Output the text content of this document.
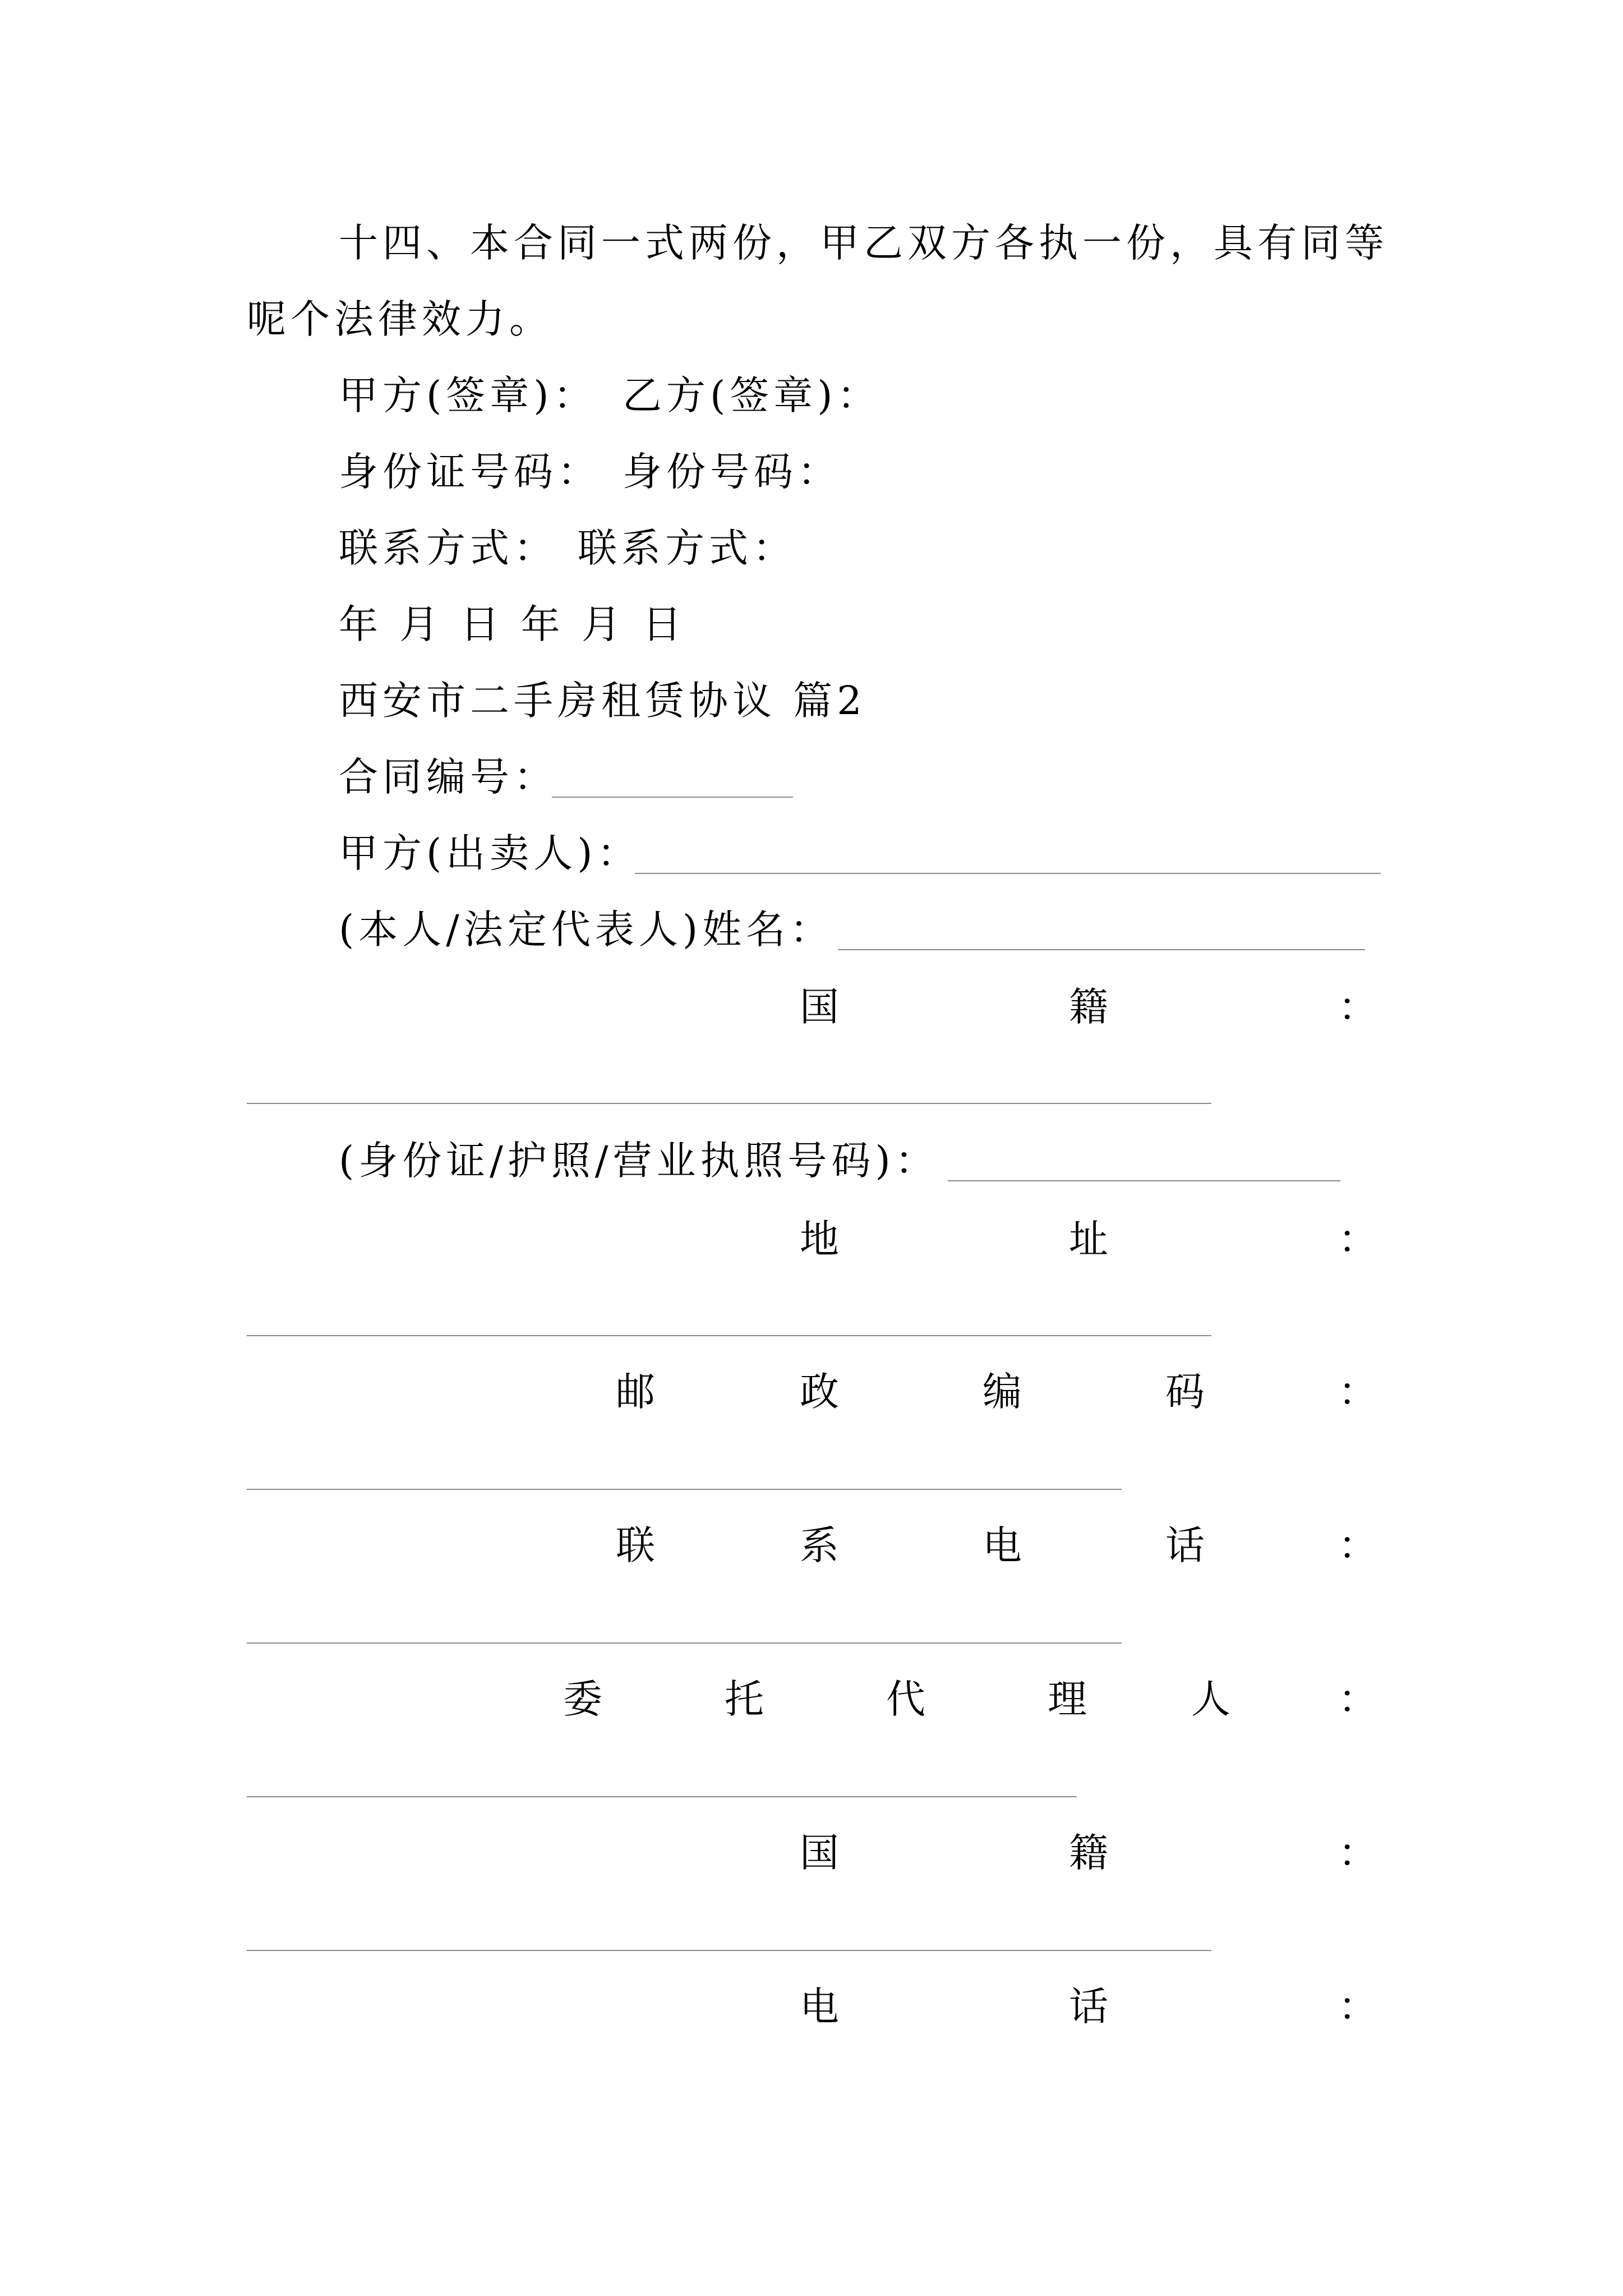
十四、本合同一式两份，甲乙双方各执一份，具有同等
呢个法律效力。
甲方(签章)： 乙方(签章)：
身份证号码： 身份号码：
联系方式： 联系方式：
年 月 日 年 月 日
西安市二手房租赁协议 篇2
合同编号：
甲方(出卖人)：
(本人/法定代表人)姓名：
国	籍	：
(身份证/护照/营业执照号码)：
地	址	：
邮	政	编	码	：
联	系	电	话	：
委	托	代	理	人	：
国	籍	：
电	话	：
